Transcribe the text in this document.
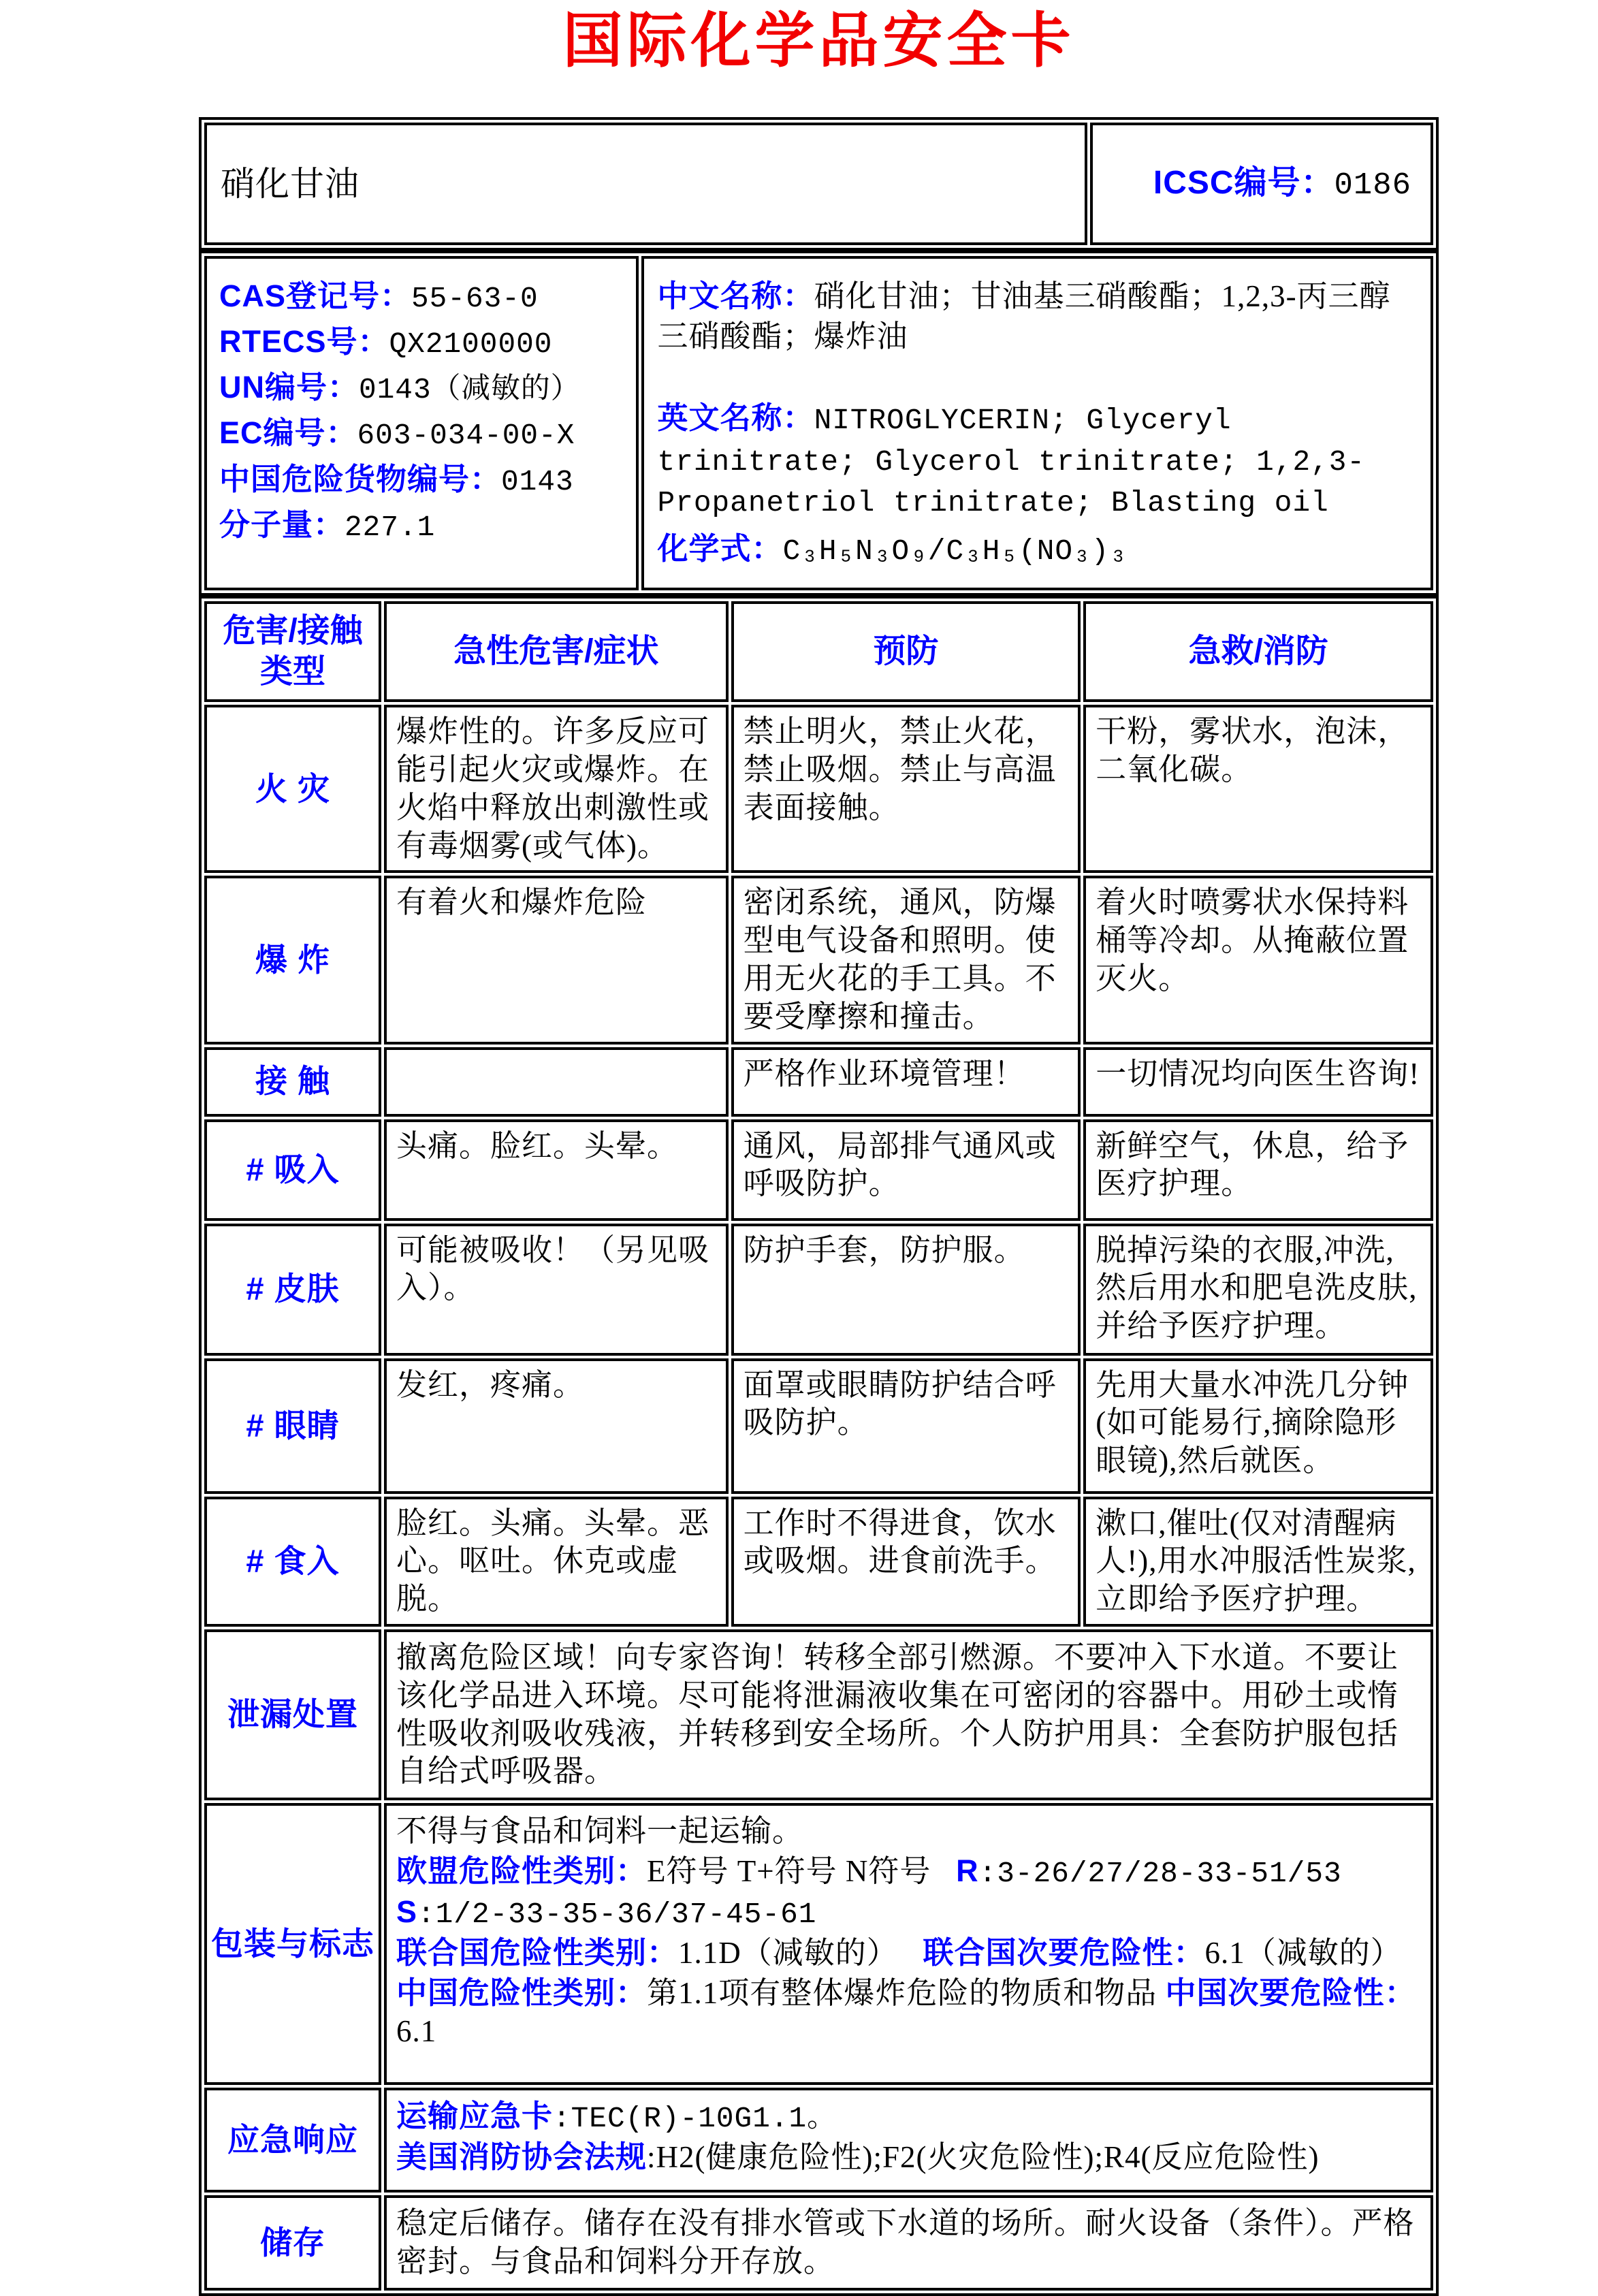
国际化学品安全卡
硝化甘油	ICSC编号：0186
CAS登记号：55-63-0
RTECS号：QX2100000
UN编号：0143（减敏的）
EC编号：603-034-00-X
中国危险货物编号：0143
分子量：227.1

中文名称：硝化甘油；甘油基三硝酸酯；1,2,3-丙三醇三硝酸酯；爆炸油
英文名称：NITROGLYCERIN; Glyceryl trinitrate; Glycerol trinitrate; 1,2,3-Propanetriol trinitrate; Blasting oil
化学式：C₃H₅N₃O₉/C₃H₅(NO₃)₃
危害/接触类型	急性危害/症状	预防	急救/消防
火 灾	爆炸性的。许多反应可能引起火灾或爆炸。在火焰中释放出刺激性或有毒烟雾(或气体)。	禁止明火，禁止火花，禁止吸烟。禁止与高温表面接触。	干粉，雾状水，泡沫，二氧化碳。
爆 炸	有着火和爆炸危险	密闭系统，通风，防爆型电气设备和照明。使用无火花的手工具。不要受摩擦和撞击。	着火时喷雾状水保持料桶等冷却。从掩蔽位置灭火。
接 触		严格作业环境管理！	一切情况均向医生咨询!
# 吸入	头痛。脸红。头晕。	通风，局部排气通风或呼吸防护。	新鲜空气，休息，给予医疗护理。
# 皮肤	可能被吸收！（另见吸入）。	防护手套，防护服。	脱掉污染的衣服,冲洗,然后用水和肥皂洗皮肤,并给予医疗护理。
# 眼睛	发红，疼痛。	面罩或眼睛防护结合呼吸防护。	先用大量水冲洗几分钟(如可能易行,摘除隐形眼镜),然后就医。
# 食入	脸红。头痛。头晕。恶心。呕吐。休克或虚脱。	工作时不得进食，饮水或吸烟。进食前洗手。	漱口,催吐(仅对清醒病人!),用水冲服活性炭浆,立即给予医疗护理。
泄漏处置	撤离危险区域！向专家咨询！转移全部引燃源。不要冲入下水道。不要让该化学品进入环境。尽可能将泄漏液收集在可密闭的容器中。用砂土或惰性吸收剂吸收残液，并转移到安全场所。个人防护用具：全套防护服包括自给式呼吸器。		

包装与标志	不得与食品和饲料一起运输。
欧盟危险性类别：E符号 T+符号 N符号   R:3-26/27/28-33-51/53
S:1/2-33-35-36/37-45-61
联合国危险性类别：1.1D（减敏的）   联合国次要危险性：6.1（减敏的）
中国危险性类别：第1.1项有整体爆炸危险的物质和物品 中国次要危险性：6.1		

应急响应	运输应急卡:TEC(R)-10G1.1。
美国消防协会法规:H2(健康危险性);F2(火灾危险性);R4(反应危险性)		

储存	稳定后储存。储存在没有排水管或下水道的场所。耐火设备（条件）。严格密封。与食品和饲料分开存放。		
